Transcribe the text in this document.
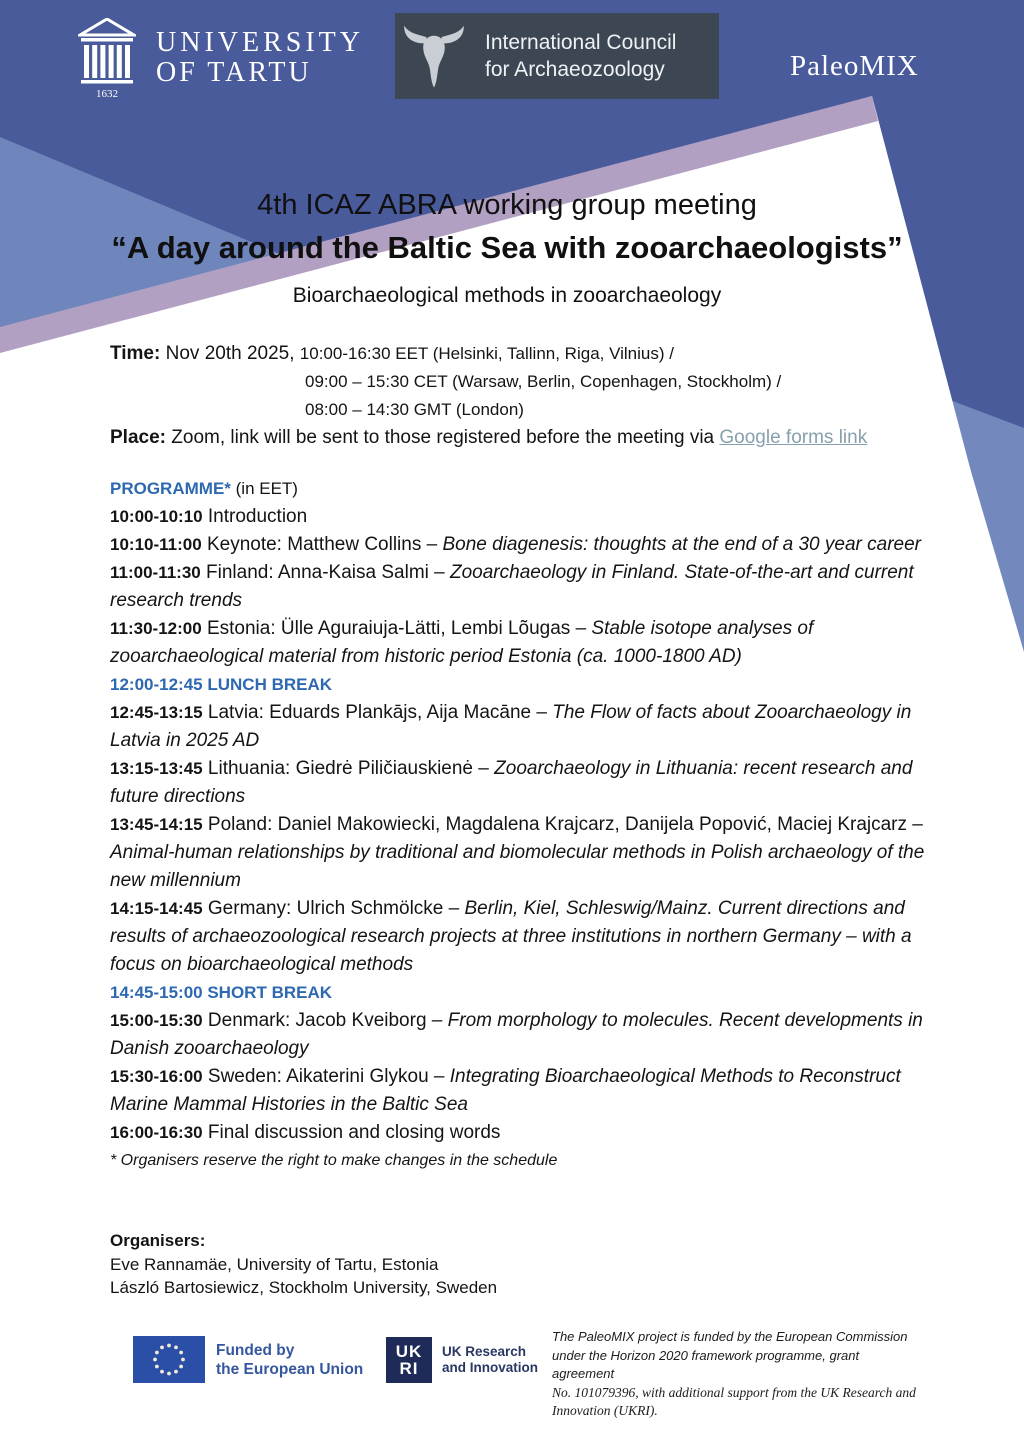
1632
UNIVERSITY
OF TARTU
International Council
for Archaeozoology	PaleoMIX
4th ICAZ ABRA working group meeting
“A day around the Baltic Sea with zooarchaeologists”
Bioarchaeological methods in zooarchaeology
Time: Nov 20th 2025, 10:00-16:30 EET (Helsinki, Tallinn, Riga, Vilnius) /
09:00 – 15:30 CET (Warsaw, Berlin, Copenhagen, Stockholm) /
08:00 – 14:30 GMT (London)
Place: Zoom, link will be sent to those registered before the meeting via Google forms link
PROGRAMME* (in EET)
10:00-10:10 Introduction
10:10-11:00 Keynote: Matthew Collins – Bone diagenesis: thoughts at the end of a 30 year career
11:00-11:30 Finland: Anna-Kaisa Salmi – Zooarchaeology in Finland. State-of-the-art and current research trends
11:30-12:00 Estonia: Ülle Aguraiuja-Lätti, Lembi Lõugas – Stable isotope analyses of zooarchaeological material from historic period Estonia (ca. 1000-1800 AD)
12:00-12:45 LUNCH BREAK
12:45-13:15 Latvia: Eduards Plankājs, Aija Macāne – The Flow of facts about Zooarchaeology in Latvia in 2025 AD
13:15-13:45 Lithuania: Giedrė Piličiauskienė – Zooarchaeology in Lithuania: recent research and future directions
13:45-14:15 Poland: Daniel Makowiecki, Magdalena Krajcarz, Danijela Popović, Maciej Krajcarz – Animal-human relationships by traditional and biomolecular methods in Polish archaeology of the new millennium
14:15-14:45 Germany: Ulrich Schmölcke – Berlin, Kiel, Schleswig/Mainz. Current directions and results of archaeozoological research projects at three institutions in northern Germany – with a focus on bioarchaeological methods
14:45-15:00 SHORT BREAK
15:00-15:30 Denmark: Jacob Kveiborg – From morphology to molecules. Recent developments in Danish zooarchaeology
15:30-16:00 Sweden: Aikaterini Glykou – Integrating Bioarchaeological Methods to Reconstruct Marine Mammal Histories in the Baltic Sea
16:00-16:30 Final discussion and closing words
* Organisers reserve the right to make changes in the schedule
Organisers:
Eve Rannamäe, University of Tartu, Estonia
László Bartosiewicz, Stockholm University, Sweden
Funded by
the European Union
UK
RI
UK Research
and Innovation
The PaleoMIX project is funded by the European Commission
under the Horizon 2020 framework programme, grant agreement
No. 101079396, with additional support from the UK Research and
Innovation (UKRI).
